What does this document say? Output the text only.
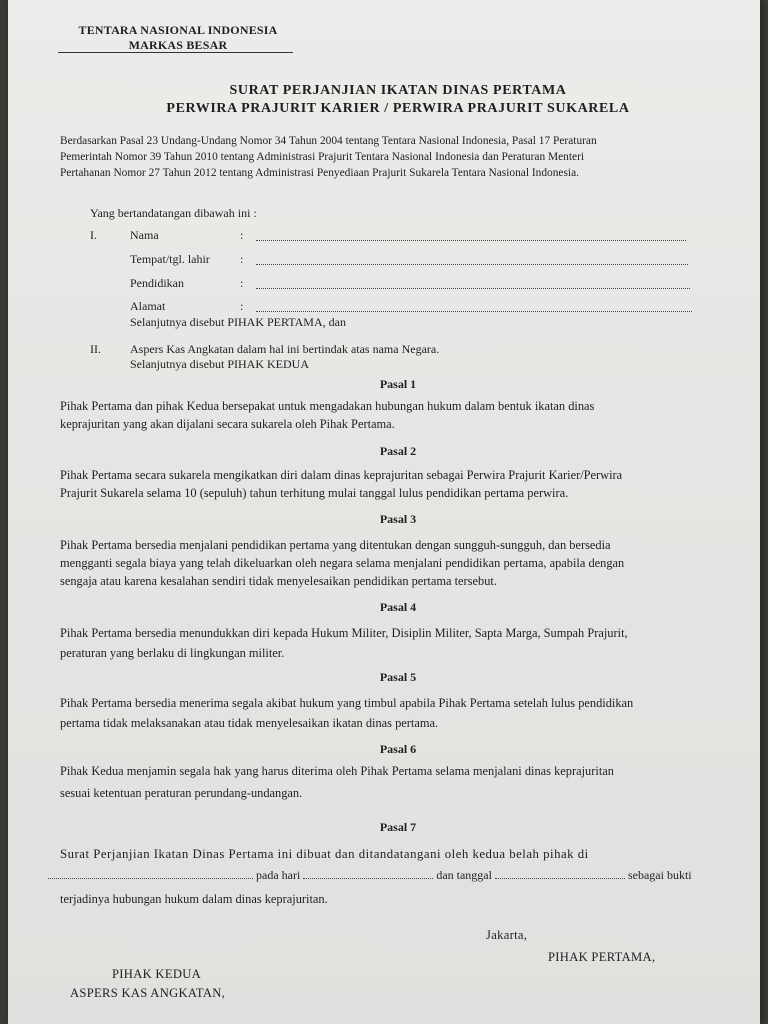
TENTARA NASIONAL INDONESIA
MARKAS BESAR
SURAT PERJANJIAN IKATAN DINAS PERTAMA
PERWIRA PRAJURIT KARIER / PERWIRA PRAJURIT SUKARELA
Berdasarkan Pasal 23 Undang-Undang Nomor 34 Tahun 2004 tentang Tentara Nasional Indonesia, Pasal 17 Peraturan
Pemerintah Nomor 39 Tahun 2010 tentang Administrasi Prajurit Tentara Nasional Indonesia dan Peraturan Menteri
Pertahanan Nomor 27 Tahun 2012 tentang Administrasi Penyediaan Prajurit Sukarela Tentara Nasional Indonesia.
Yang bertandatangan dibawah ini :
I.	Nama	:
Tempat/tgl. lahir	:
Pendidikan	:
Alamat	:
Selanjutnya disebut PIHAK PERTAMA, dan
II. Aspers Kas Angkatan dalam hal ini bertindak atas nama Negara.
Selanjutnya disebut PIHAK KEDUA
Pasal 1
Pihak Pertama dan pihak Kedua bersepakat untuk mengadakan hubungan hukum dalam bentuk ikatan dinas
keprajuritan yang akan dijalani secara sukarela oleh Pihak Pertama.
Pasal 2
Pihak Pertama secara sukarela mengikatkan diri dalam dinas keprajuritan sebagai Perwira Prajurit Karier/Perwira
Prajurit Sukarela selama 10 (sepuluh) tahun terhitung mulai tanggal lulus pendidikan pertama perwira.
Pasal 3
Pihak Pertama bersedia menjalani pendidikan pertama yang ditentukan dengan sungguh-sungguh, dan bersedia
mengganti segala biaya yang telah dikeluarkan oleh negara selama menjalani pendidikan pertama, apabila dengan
sengaja atau karena kesalahan sendiri tidak menyelesaikan pendidikan pertama tersebut.
Pasal 4
Pihak Pertama bersedia menundukkan diri kepada Hukum Militer, Disiplin Militer, Sapta Marga, Sumpah Prajurit,
peraturan yang berlaku di lingkungan militer.
Pasal 5
Pihak Pertama bersedia menerima segala akibat hukum yang timbul apabila Pihak Pertama setelah lulus pendidikan
pertama tidak melaksanakan atau tidak menyelesaikan ikatan dinas pertama.
Pasal 6
Pihak Kedua menjamin segala hak yang harus diterima oleh Pihak Pertama selama menjalani dinas keprajuritan
sesuai ketentuan peraturan perundang-undangan.
Pasal 7
Surat Perjanjian Ikatan Dinas Pertama ini dibuat dan ditandatangani oleh kedua belah pihak di
pada hari	dan tanggal	sebagai bukti
terjadinya hubungan hukum dalam dinas keprajuritan.
Jakarta,
PIHAK PERTAMA,
PIHAK KEDUA
ASPERS KAS ANGKATAN,
